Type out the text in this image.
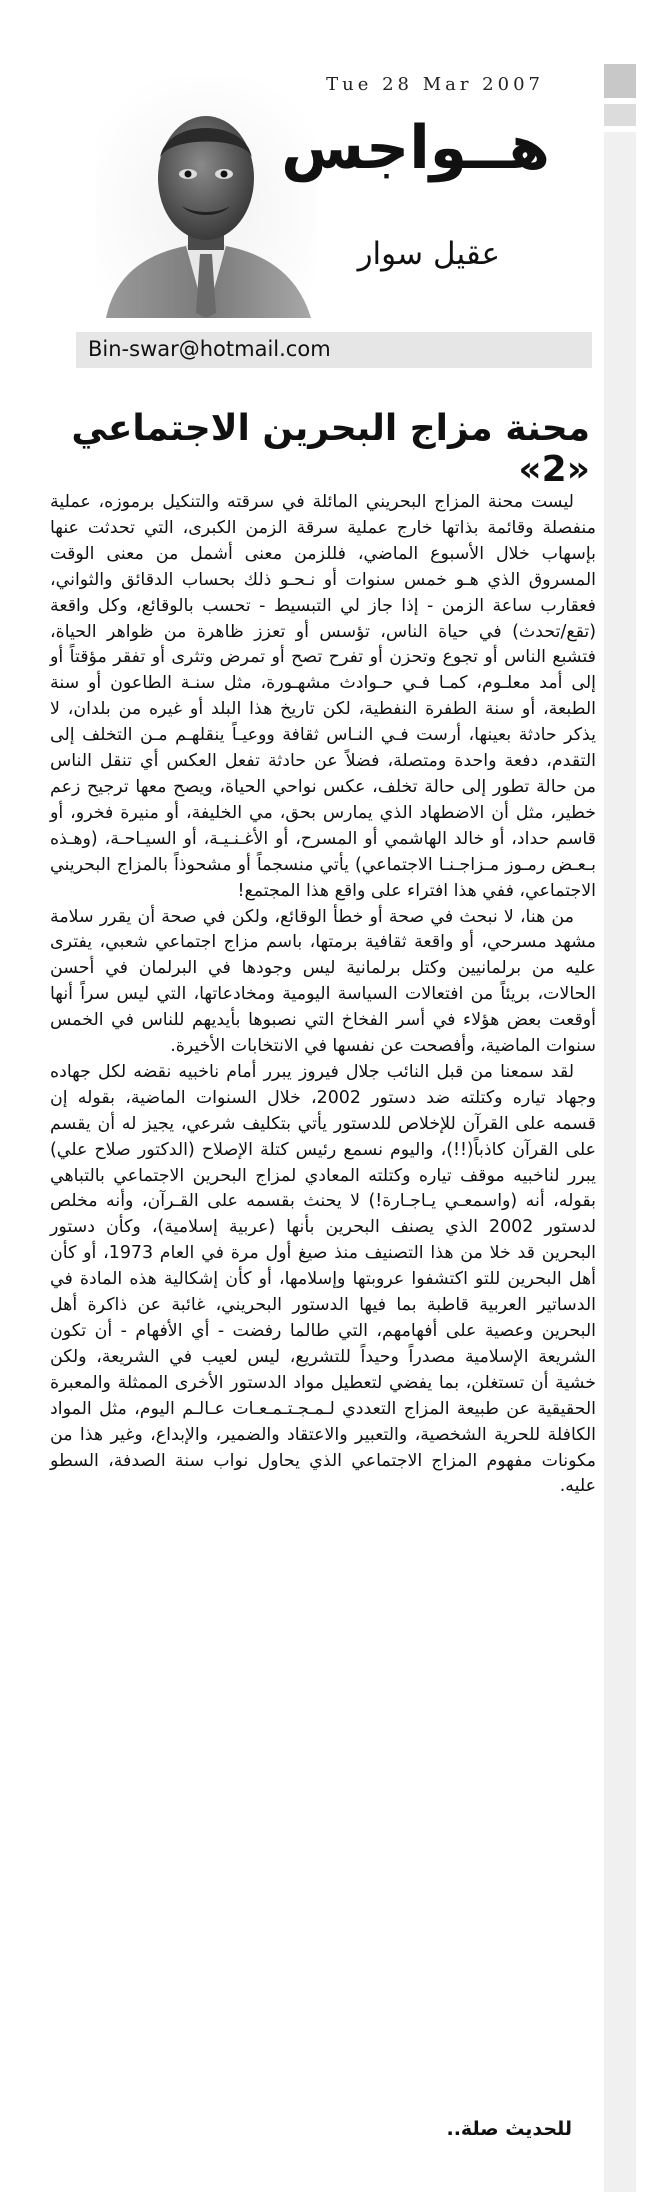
Tue 28 Mar 2007
هــواجس
عقيل سوار
Bin-swar@hotmail.com
محنة مزاج البحرين الاجتماعي «2»

ليست محنة المزاج البحريني المائلة في سرقته والتنكيل برموزه، عملية منفصلة وقائمة بذاتها خارج عملية سرقة الزمن الكبرى، التي تحدثت عنها بإسهاب خلال الأسبوع الماضي، فللزمن معنى أشمل من معنى الوقت المسروق الذي هـو خمس سنوات أو نـحـو ذلك بحساب الدقائق والثواني، فعقارب ساعة الزمن - إذا جاز لي التبسيط - تحسب بالوقائع، وكل واقعة (تقع/تحدث) في حياة الناس، تؤسس أو تعزز ظاهرة من ظواهر الحياة، فتشبع الناس أو تجوع وتحزن أو تفرح تصح أو تمرض وتثرى أو تفقر مؤقتاً أو إلى أمد معلـوم، كمـا فـي حـوادث مشهـورة، مثل سنـة الطاعون أو سنة الطبعة، أو سنة الطفرة النفطية، لكن تاريخ هذا البلد أو غيره من بلدان، لا يذكر حادثة بعينها، أرست فـي النـاس ثقافة ووعيـاً ينقلهـم مـن التخلف إلى التقدم، دفعة واحدة ومتصلة، فضلاً عن حادثة تفعل العكس أي تنقل الناس من حالة تطور إلى حالة تخلف، عكس نواحي الحياة، ويصح معها ترجيح زعم خطير، مثل أن الاضطهاد الذي يمارس بحق، مي الخليفة، أو منيرة فخرو، أو قاسم حداد، أو خالد الهاشمي أو المسرح، أو الأغـنـيـة، أو السيـاحـة، (وهـذه بـعـض رمـوز مـزاجـنـا الاجتماعي) يأتي منسجماً أو مشحوذاً بالمزاج البحريني الاجتماعي، ففي هذا افتراء على واقع هذا المجتمع!

من هنا، لا نبحث في صحة أو خطأ الوقائع، ولكن في صحة أن يقرر سلامة مشهد مسرحي، أو واقعة ثقافية برمتها، باسم مزاج اجتماعي شعبي، يفترى عليه من برلمانيين وكتل برلمانية ليس وجودها في البرلمان في أحسن الحالات، بريئاً من افتعالات السياسة اليومية ومخادعاتها، التي ليس سراً أنها أوقعت بعض هؤلاء في أسر الفخاخ التي نصبوها بأيديهم للناس في الخمس سنوات الماضية، وأفصحت عن نفسها في الانتخابات الأخيرة.

لقد سمعنا من قبل النائب جلال فيروز يبرر أمام ناخبيه نقضه لكل جهاده وجهاد تياره وكتلته ضد دستور 2002، خلال السنوات الماضية، بقوله إن قسمه على القرآن للإخلاص للدستور يأتي بتكليف شرعي، يجيز له أن يقسم على القرآن كاذباً(!!)، واليوم نسمع رئيس كتلة الإصلاح (الدكتور صلاح علي) يبرر لناخبيه موقف تياره وكتلته المعادي لمزاج البحرين الاجتماعي بالتباهي بقوله، أنه (واسمعـي يـاجـارة!) لا يحنث بقسمه على القـرآن، وأنه مخلص لدستور 2002 الذي يصنف البحرين بأنها (عربية إسلامية)، وكأن دستور البحرين قد خلا من هذا التصنيف منذ صيغ أول مرة في العام 1973، أو كأن أهل البحرين للتو اكتشفوا عروبتها وإسلامها، أو كأن إشكالية هذه المادة في الدساتير العربية قاطبة بما فيها الدستور البحريني، غائبة عن ذاكرة أهل البحرين وعصية على أفهامهم، التي طالما رفضت - أي الأفهام - أن تكون الشريعة الإسلامية مصدراً وحيداً للتشريع، ليس لعيب في الشريعة، ولكن خشية أن تستغلن، بما يفضي لتعطيل مواد الدستور الأخرى الممثلة والمعبرة الحقيقية عن طبيعة المزاج التعددي لـمـجـتـمـعـات عـالـم اليوم، مثل المواد الكافلة للحرية الشخصية، والتعبير والاعتقاد والضمير، والإبداع، وغير هذا من مكونات مفهوم المزاج الاجتماعي الذي يحاول نواب سنة الصدفة، السطو عليه.

للحديث صلة..
